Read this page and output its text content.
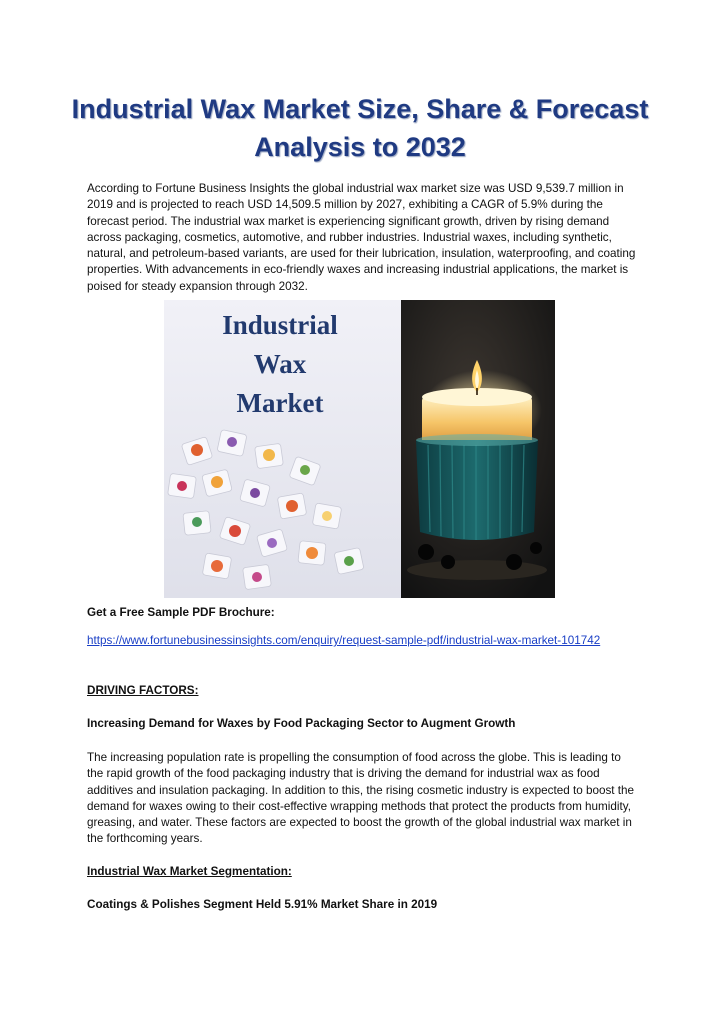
Industrial Wax Market Size, Share & Forecast Analysis to 2032

According to Fortune Business Insights the global industrial wax market size was USD 9,539.7 million in 2019 and is projected to reach USD 14,509.5 million by 2027, exhibiting a CAGR of 5.9% during the forecast period. The industrial wax market is experiencing significant growth, driven by rising demand across packaging, cosmetics, automotive, and rubber industries. Industrial waxes, including synthetic, natural, and petroleum-based variants, are used for their lubrication, insulation, waterproofing, and coating properties. With advancements in eco-friendly waxes and increasing industrial applications, the market is poised for steady expansion through 2032.

Industrial
Wax
Market

Get a Free Sample PDF Brochure:

https://www.fortunebusinessinsights.com/enquiry/request-sample-pdf/industrial-wax-market-101742

DRIVING FACTORS:

Increasing Demand for Waxes by Food Packaging Sector to Augment Growth

The increasing population rate is propelling the consumption of food across the globe. This is leading to the rapid growth of the food packaging industry that is driving the demand for industrial wax as food additives and insulation packaging. In addition to this, the rising cosmetic industry is expected to boost the demand for waxes owing to their cost-effective wrapping methods that protect the products from humidity, greasing, and water. These factors are expected to boost the growth of the global industrial wax market in the forthcoming years.

Industrial Wax Market Segmentation:

Coatings & Polishes Segment Held 5.91% Market Share in 2019
